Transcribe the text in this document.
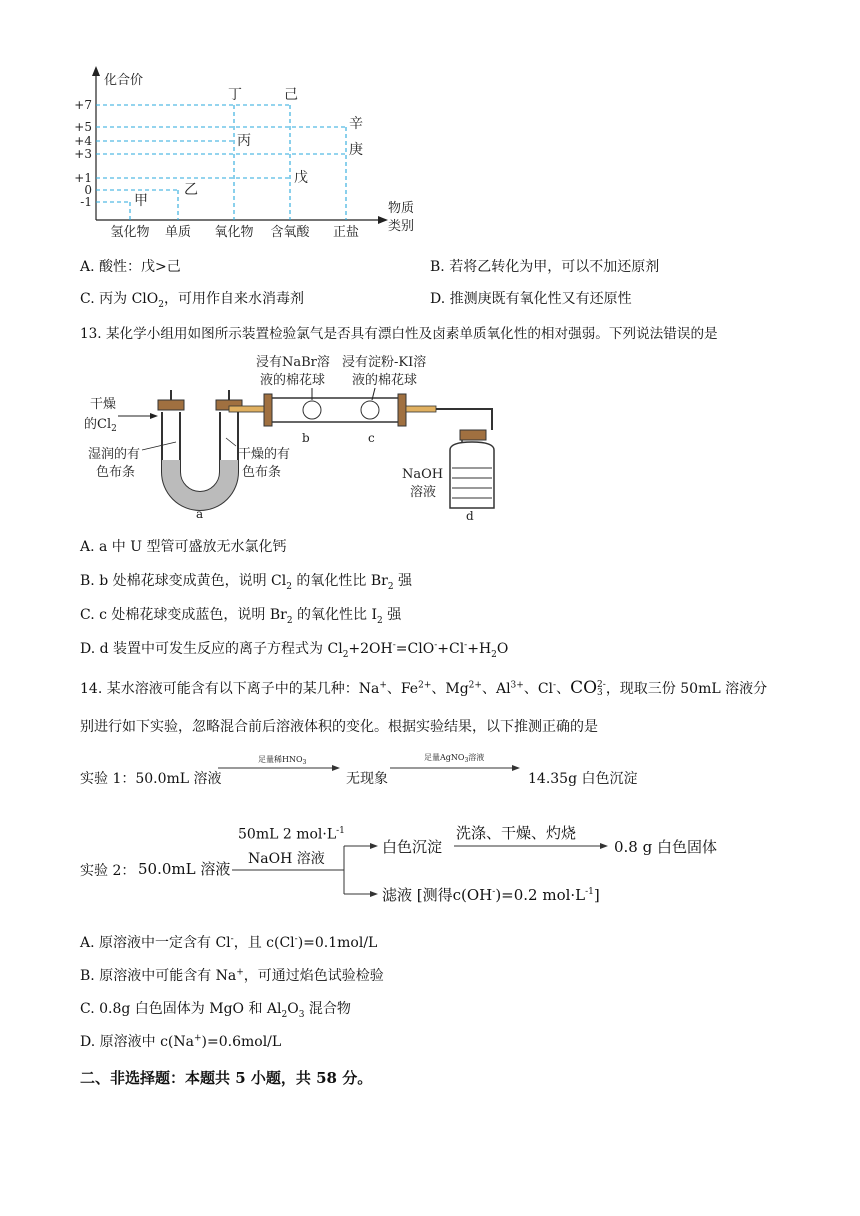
化合价
物质
类别
+7
+5
+4
+3
+1
0
-1
氢化物 单质 氧化物 含氧酸 正盐
甲
乙
丙
丁
戊
己
庚
辛
A. 酸性：戊>己	B. 若将乙转化为甲，可以不加还原剂
C. 丙为 ClO$_2$，可用作自来水消毒剂	D. 推测庚既有氧化性又有还原性
13. 某化学小组用如图所示装置检验氯气是否具有漂白性及卤素单质氧化性的相对强弱。下列说法错误的是
干燥
的$Cl_2$
湿润的有
色布条
干燥的有
色布条
a
b	c
浸有NaBr溶
液的棉花球
浸有淀粉-KI溶
液的棉花球
NaOH
溶液
d
A. a 中 U 型管可盛放无水氯化钙
B. b 处棉花球变成黄色，说明 $Cl_2$ 的氧化性比 $Br_2$ 强
C. c 处棉花球变成蓝色，说明 $Br_2$ 的氧化性比 $I_2$ 强
D. d 装置中可发生反应的离子方程式为 $Cl_2+2OH^-=ClO^-+Cl^-+H_2O$
14. 某水溶液可能含有以下离子中的某几种：Na+、$Fe^{2+}$、$Mg^{2+}$、$Al^{3+}$、Cl-、CO 2-
3 ，现取三份 50mL 溶液分
别进行如下实验，忽略混合前后溶液体积的变化。根据实验结果，以下推测正确的是
实验 1：50.0mL 溶液
足量稀$HNO_3$
足量AgNO$_3$溶液
无现象	14.35g 白色沉淀
实验 2： 50.0mL 溶液
50mL 2 $mol\cdot L^{-1}$
NaOH 溶液
白色沉淀
洗涤、干燥、灼烧
0.8 g 白色固体
滤液 [测得c(OH-)=0.2 $mol\cdot L^{-1}$]
A. 原溶液中一定含有 Cl-，且 c(Cl-)=0.1mol/L
B. 原溶液中可能含有 Na+，可通过焰色试验检验
C. 0.8g 白色固体为 MgO 和 $Al_2O_3$ 混合物
D. 原溶液中 c(Na+)=0.6mol/L
二、非选择题：本题共 5 小题，共 58 分。
